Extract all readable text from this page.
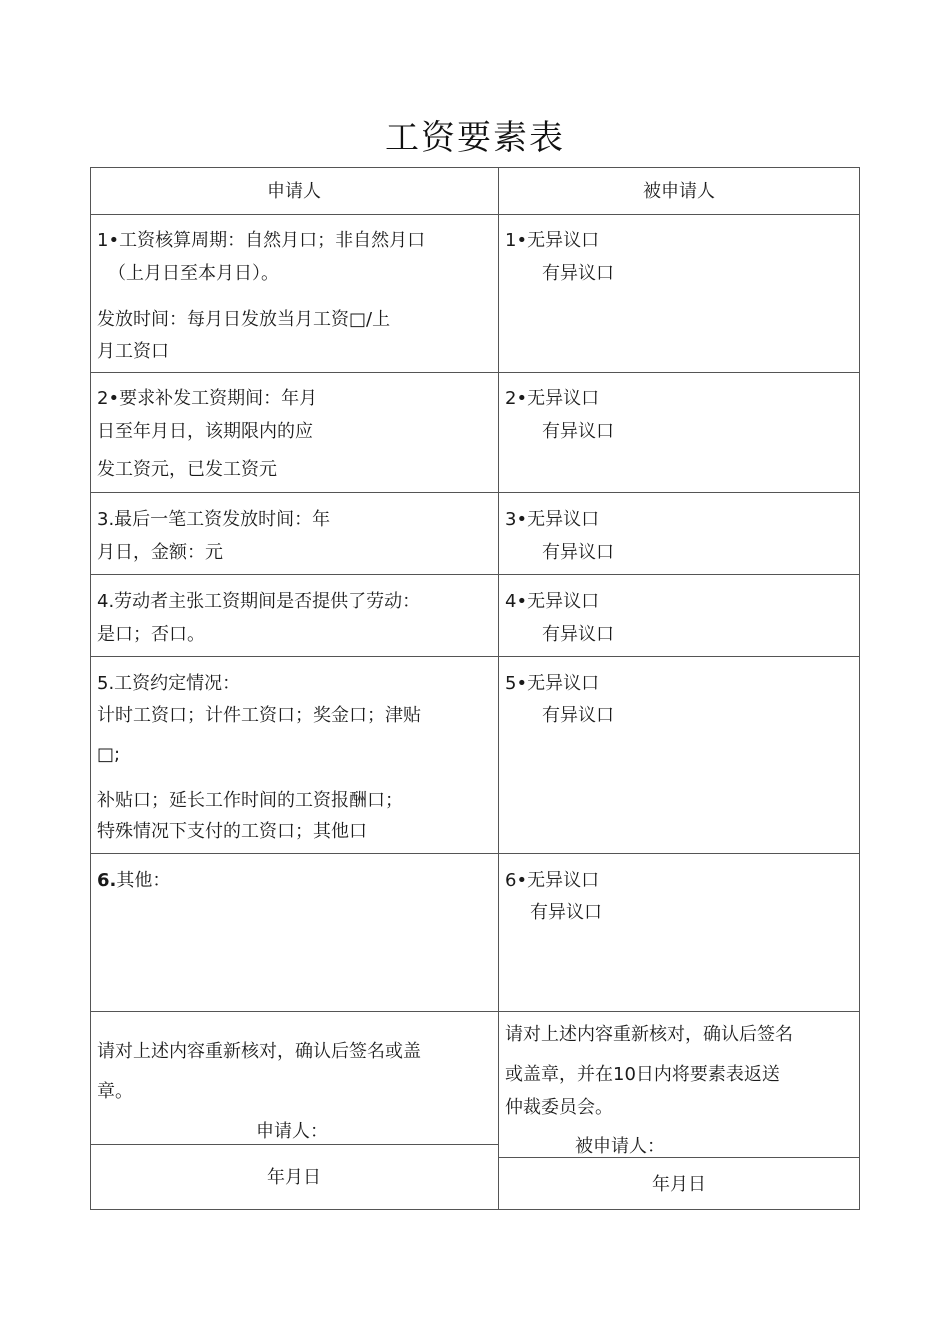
工资要素表
申请人	被申请人
1•工资核算周期：自然月口；非自然月口
（上月日至本月日）。
发放时间：每月日发放当月工资□/上
月工资口
1•无异议口
有异议口
2•要求补发工资期间：年月
日至年月日，该期限内的应
发工资元，已发工资元
2•无异议口
有异议口
3.最后一笔工资发放时间：年
月日，金额：元
3•无异议口
有异议口
4.劳动者主张工资期间是否提供了劳动：
是口；否口。
4•无异议口
有异议口
5.工资约定情况：
计时工资口；计件工资口；奖金口；津贴
□;
补贴口；延长工作时间的工资报酬口；
特殊情况下支付的工资口；其他口
5•无异议口
有异议口
6.其他：	6•无异议口
有异议口
请对上述内容重新核对，确认后签名或盖
章。
申请人：
年月日
请对上述内容重新核对，确认后签名
或盖章，并在10日内将要素表返送
仲裁委员会。
被申请人：
年月日
